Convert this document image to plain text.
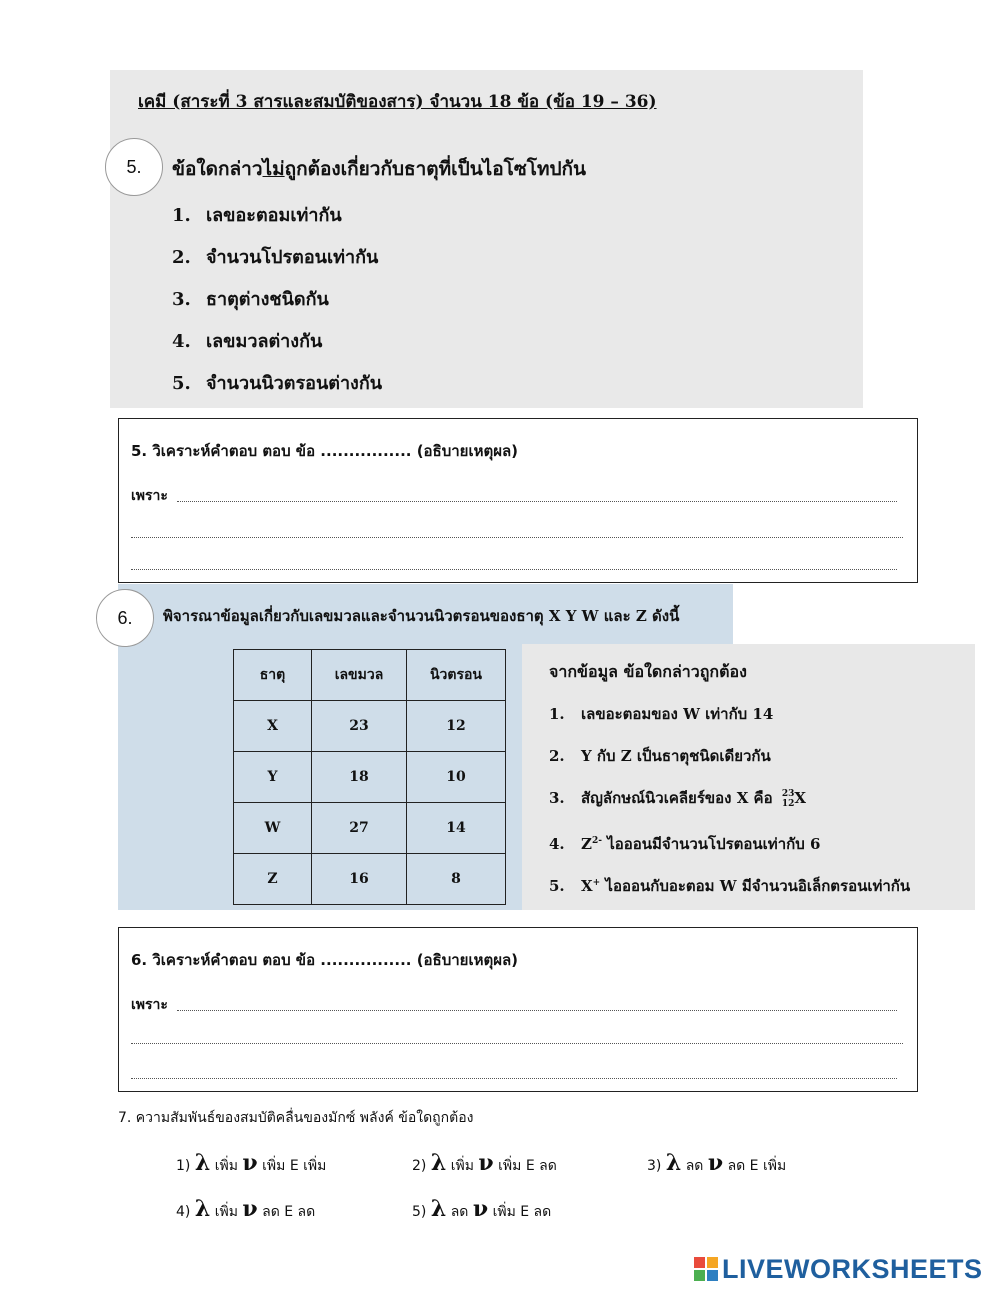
เคมี (สาระที่ 3 สารและสมบัติของสาร) จำนวน 18 ข้อ (ข้อ 19 – 36)
ข้อใดกล่าวไม่ถูกต้องเกี่ยวกับธาตุที่เป็นไอโซโทปกัน
1. เลขอะตอมเท่ากัน
2. จำนวนโปรตอนเท่ากัน
3. ธาตุต่างชนิดกัน
4. เลขมวลต่างกัน
5. จำนวนนิวตรอนต่างกัน
5.
5. วิเคราะห์คำตอบ ตอบ ข้อ ................ (อธิบายเหตุผล)
เพราะ
พิจารณาข้อมูลเกี่ยวกับเลขมวลและจำนวนนิวตรอนของธาตุ X Y W และ Z ดังนี้
6.
ธาตุ	เลขมวล	นิวตรอน
X	23	12
Y	18	10
W	27	14
Z	16	8
จากข้อมูล ข้อใดกล่าวถูกต้อง
1. เลขอะตอมของ W เท่ากับ 14
2. Y กับ Z เป็นธาตุชนิดเดียวกัน
3. สัญลักษณ์นิวเคลียร์ของ X คือ 23
12X
4. $Z^{2-}$ ไอออนมีจำนวนโปรตอนเท่ากับ 6
5. X+ ไอออนกับอะตอม W มีจำนวนอิเล็กตรอนเท่ากัน
6. วิเคราะห์คำตอบ ตอบ ข้อ ................ (อธิบายเหตุผล)
เพราะ
7. ความสัมพันธ์ของสมบัติคลื่นของมักซ์ พลังค์ ข้อใดถูกต้อง
1) λ เพิ่ม ν เพิ่ม E เพิ่ม	2) λ เพิ่ม ν เพิ่ม E ลด	3) λ ลด ν ลด E เพิ่ม
4) λ เพิ่ม ν ลด E ลด	5) λ ลด ν เพิ่ม E ลด
LIVEWORKSHEETS
